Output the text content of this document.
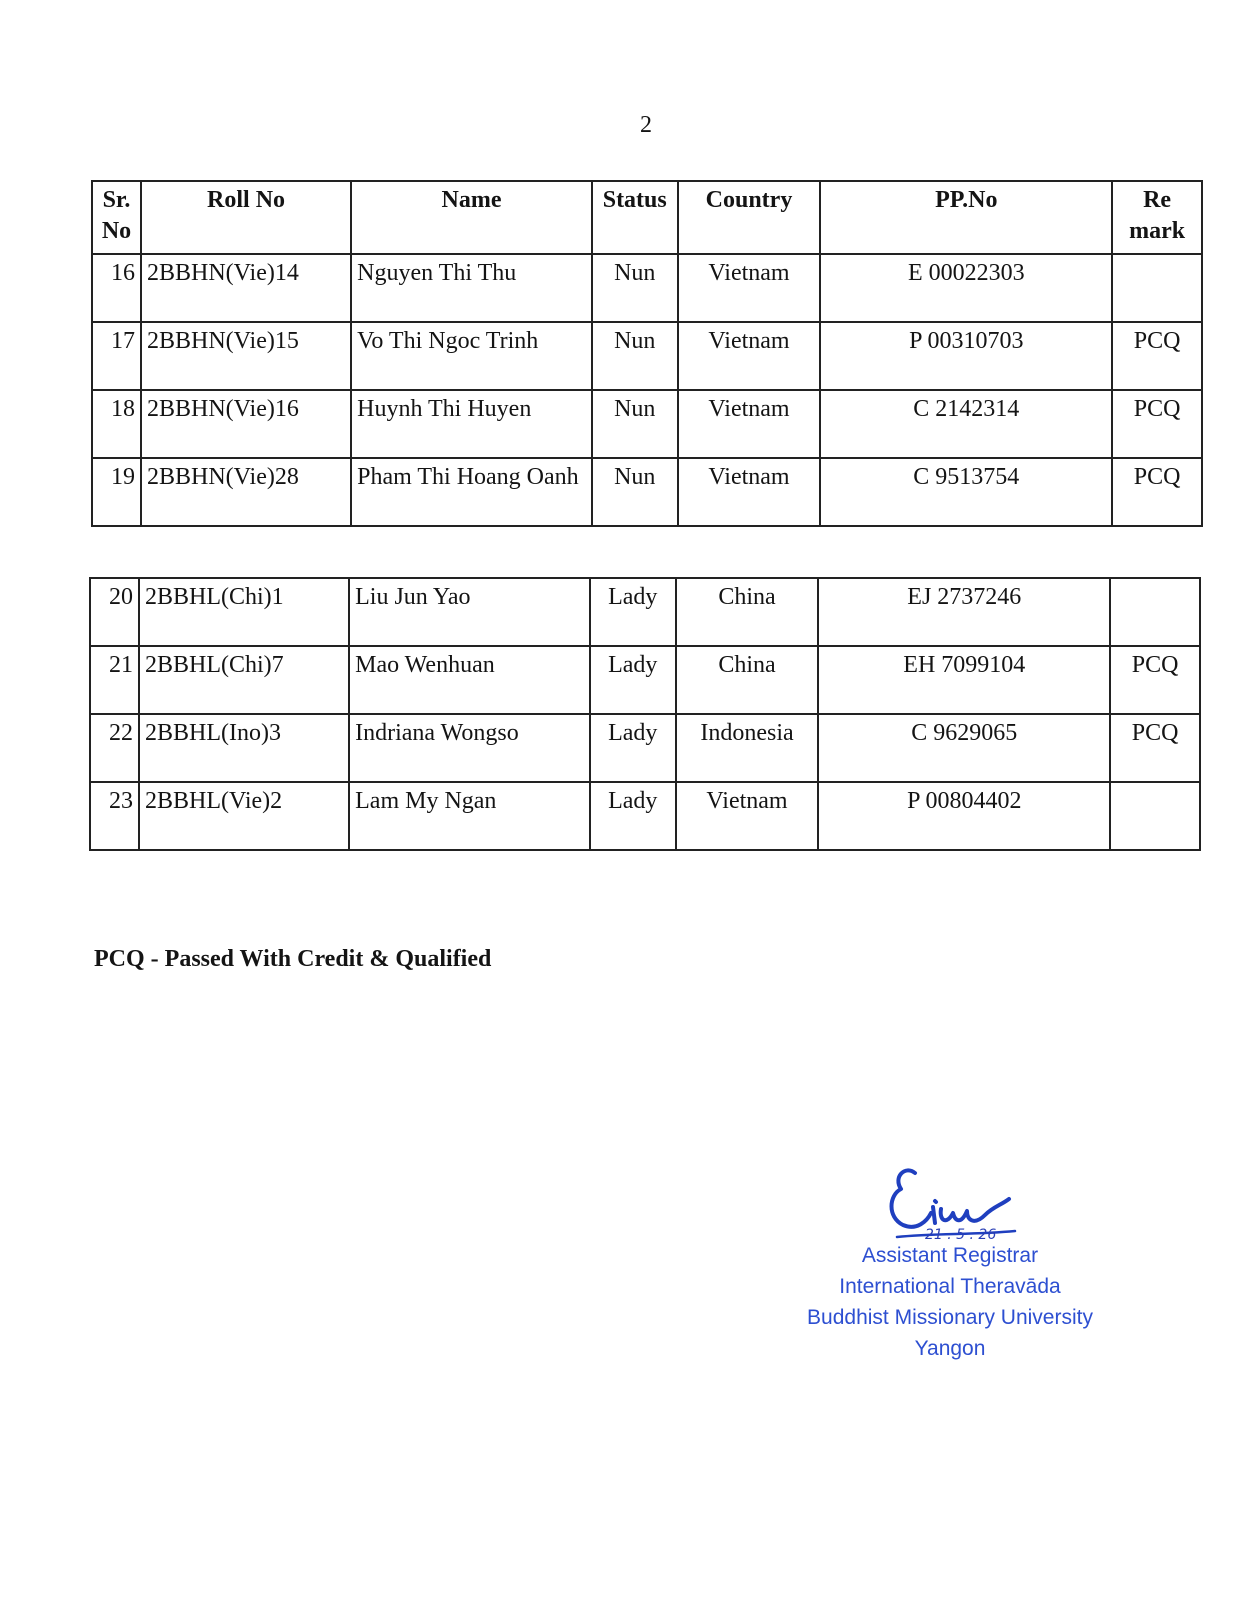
2
Sr.
No	Roll No	Name	Status	Country	PP.No	Re
mark
16	2BBHN(Vie)14	Nguyen Thi Thu	Nun	Vietnam	E 00022303	
17	2BBHN(Vie)15	Vo Thi Ngoc Trinh	Nun	Vietnam	P 00310703	PCQ
18	2BBHN(Vie)16	Huynh Thi Huyen	Nun	Vietnam	C 2142314	PCQ
19	2BBHN(Vie)28	Pham Thi Hoang Oanh	Nun	Vietnam	C 9513754	PCQ
20	2BBHL(Chi)1	Liu Jun Yao	Lady	China	EJ 2737246	
21	2BBHL(Chi)7	Mao Wenhuan	Lady	China	EH 7099104	PCQ
22	2BBHL(Ino)3	Indriana Wongso	Lady	Indonesia	C 9629065	PCQ
23	2BBHL(Vie)2	Lam My Ngan	Lady	Vietnam	P 00804402	
PCQ - Passed With Credit & Qualified
21 . 5 . 26
Assistant Registrar
International Theravāda
Buddhist Missionary University
Yangon
